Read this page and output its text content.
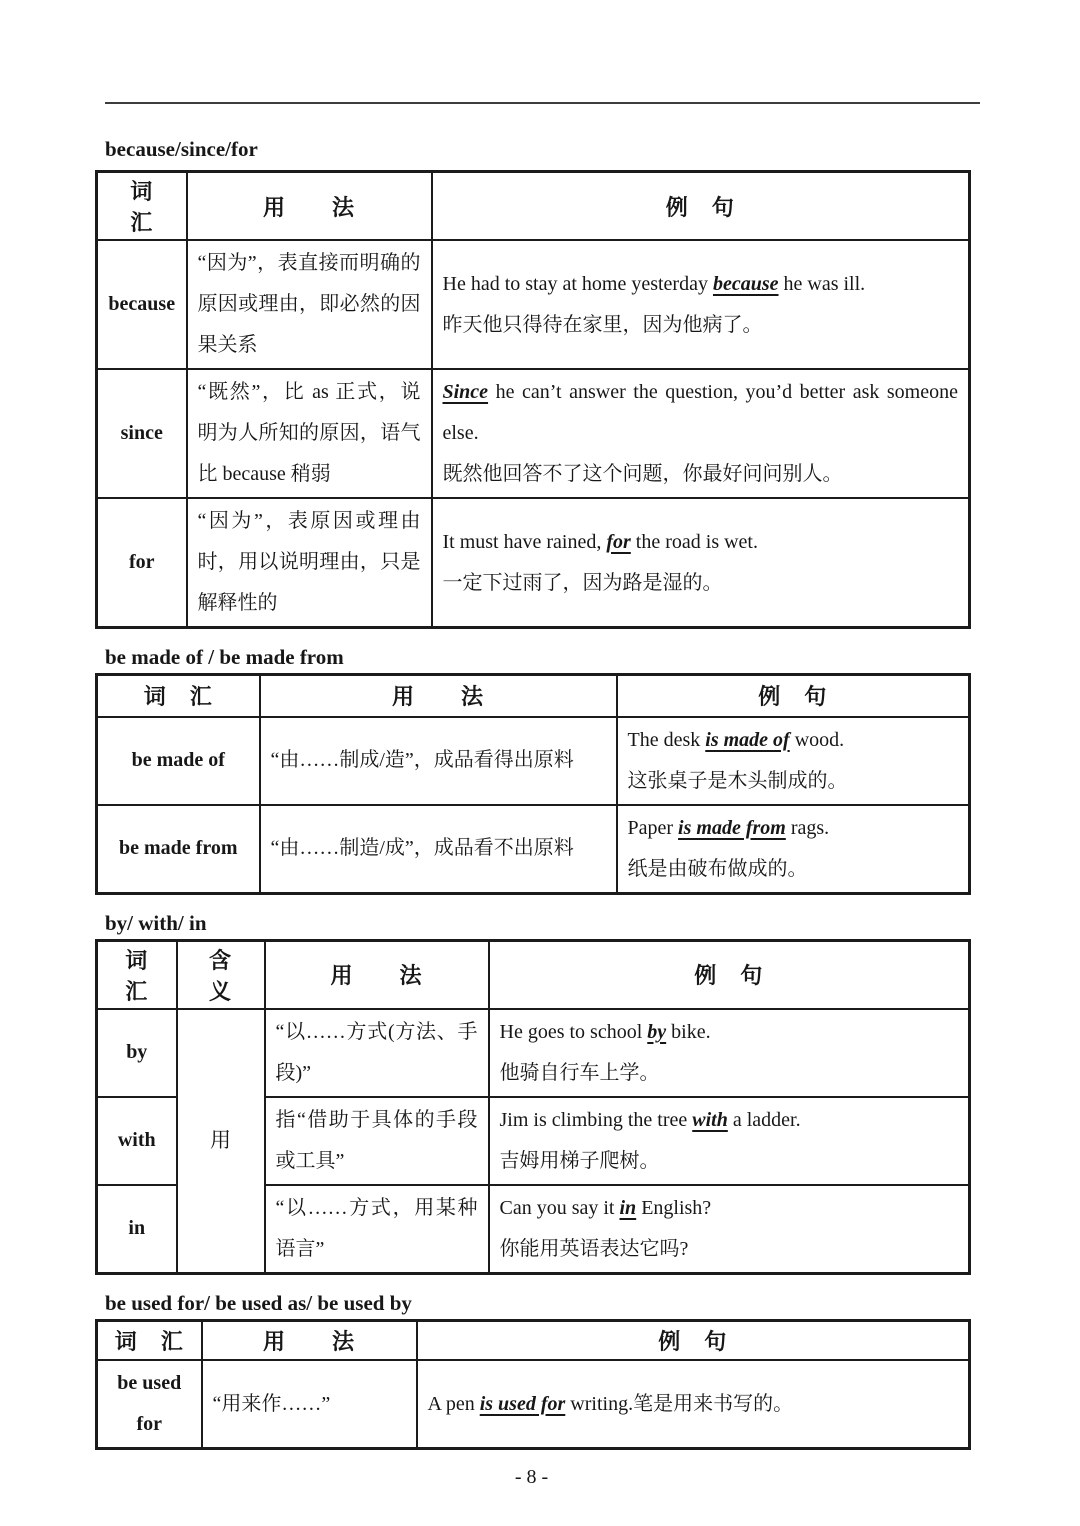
because/since/for
词　汇	用　　法	例　句
because	“因为”，表直接而明确的原因或理由，即必然的因果关系	He had to stay at home yesterday because he was ill.

昨天他只得待在家里，因为他病了。

since	“既然”，比 as 正式，说明为人所知的原因，语气比 because 稍弱	Since he can’t answer the question, you’d better ask someone else.

既然他回答不了这个问题，你最好问问别人。

for	“因为”，表原因或理由时，用以说明理由，只是解释性的	It must have rained, for the road is wet.

一定下过雨了，因为路是湿的。

be made of / be made from
词　汇	用　　法	例　句
be made of	“由……制成/造”，成品看得出原料	The desk is made of wood.

这张桌子是木头制成的。

be made from	“由……制造/成”，成品看不出原料	Paper is made from rags.

纸是由破布做成的。

by/ with/ in
词　汇	含　义	用　　法	例　句
by	用	“以……方式(方法、手段)”	He goes to school by bike.

他骑自行车上学。

with		指“借助于具体的手段或工具”	Jim is climbing the tree with a ladder.

吉姆用梯子爬树。

in		“以……方式，用某种语言”	Can you say it in English?

你能用英语表达它吗?

be used for/ be used as/ be used by
词　汇	用　　法	例　句
be used for	“用来作……”	A pen is used for writing.笔是用来书写的。

- 8 -
